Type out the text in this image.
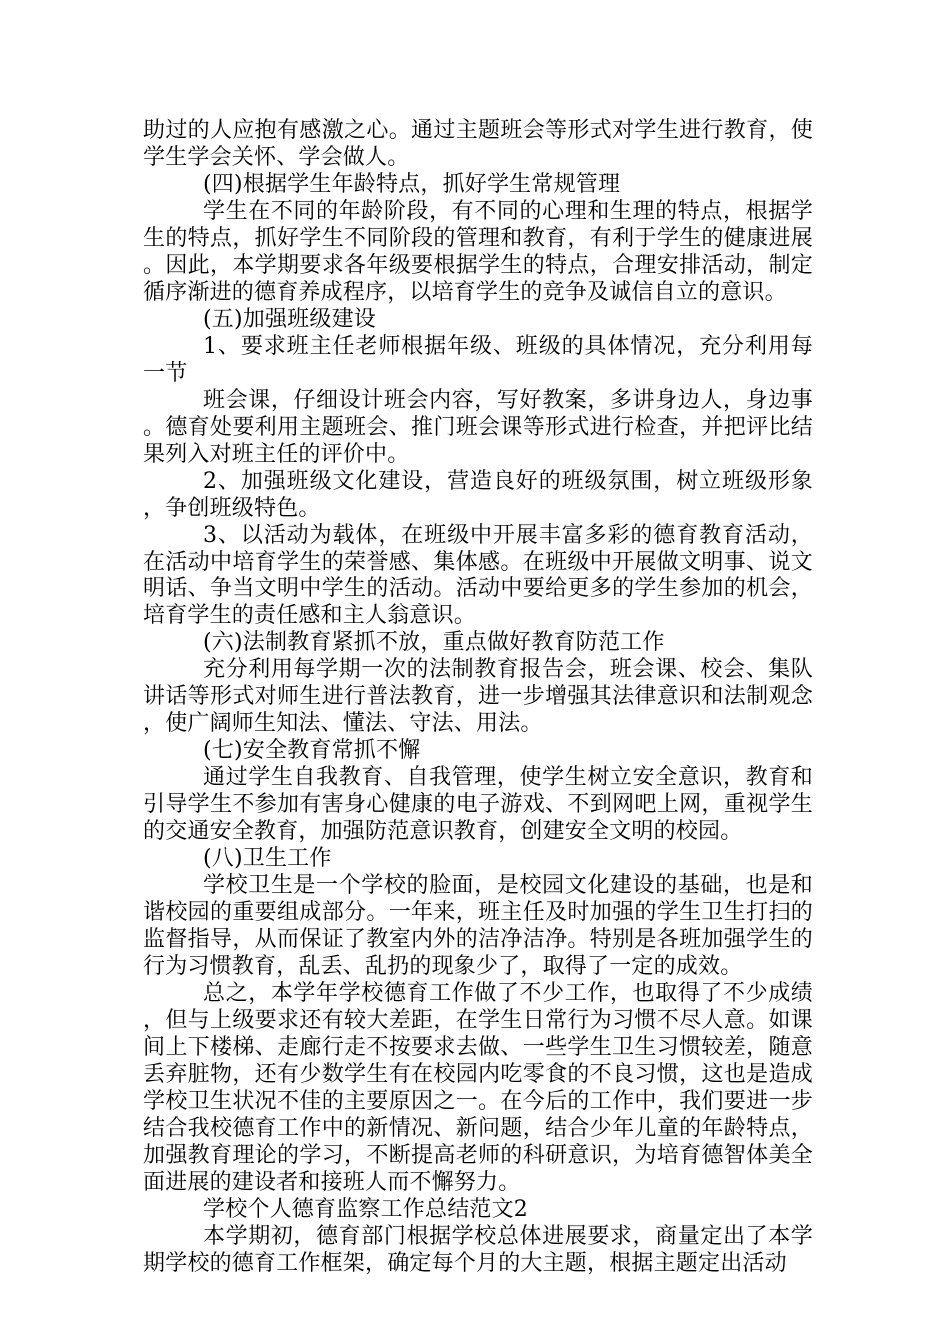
助过的人应抱有感激之心。通过主题班会等形式对学生进行教育，使学生学会关怀、学会做人。

(四)根据学生年龄特点，抓好学生常规管理

学生在不同的年龄阶段，有不同的心理和生理的特点，根据学生的特点，抓好学生不同阶段的管理和教育，有利于学生的健康进展。因此，本学期要求各年级要根据学生的特点，合理安排活动，制定循序渐进的德育养成程序，以培育学生的竞争及诚信自立的意识。

(五)加强班级建设

1、要求班主任老师根据年级、班级的具体情况，充分利用每一节

班会课，仔细设计班会内容，写好教案，多讲身边人，身边事。德育处要利用主题班会、推门班会课等形式进行检查，并把评比结果列入对班主任的评价中。

2、加强班级文化建设，营造良好的班级氛围，树立班级形象，争创班级特色。

3、以活动为载体，在班级中开展丰富多彩的德育教育活动，在活动中培育学生的荣誉感、集体感。在班级中开展做文明事、说文明话、争当文明中学生的活动。活动中要给更多的学生参加的机会，培育学生的责任感和主人翁意识。

(六)法制教育紧抓不放，重点做好教育防范工作

充分利用每学期一次的法制教育报告会，班会课、校会、集队讲话等形式对师生进行普法教育，进一步增强其法律意识和法制观念，使广阔师生知法、懂法、守法、用法。

(七)安全教育常抓不懈

通过学生自我教育、自我管理，使学生树立安全意识，教育和引导学生不参加有害身心健康的电子游戏、不到网吧上网，重视学生的交通安全教育，加强防范意识教育，创建安全文明的校园。

(八)卫生工作

学校卫生是一个学校的脸面，是校园文化建设的基础，也是和谐校园的重要组成部分。一年来，班主任及时加强的学生卫生打扫的监督指导，从而保证了教室内外的洁净洁净。特别是各班加强学生的行为习惯教育，乱丢、乱扔的现象少了，取得了一定的成效。

总之，本学年学校德育工作做了不少工作，也取得了不少成绩，但与上级要求还有较大差距，在学生日常行为习惯不尽人意。如课间上下楼梯、走廊行走不按要求去做、一些学生卫生习惯较差，随意丢弃脏物，还有少数学生有在校园内吃零食的不良习惯，这也是造成学校卫生状况不佳的主要原因之一。在今后的工作中，我们要进一步结合我校德育工作中的新情况、新问题，结合少年儿童的年龄特点，加强教育理论的学习，不断提高老师的科研意识，为培育德智体美全面进展的建设者和接班人而不懈努力。

学校个人德育监察工作总结范文2

本学期初，德育部门根据学校总体进展要求，商量定出了本学期学校的德育工作框架，确定每个月的大主题，根据主题定出活动
